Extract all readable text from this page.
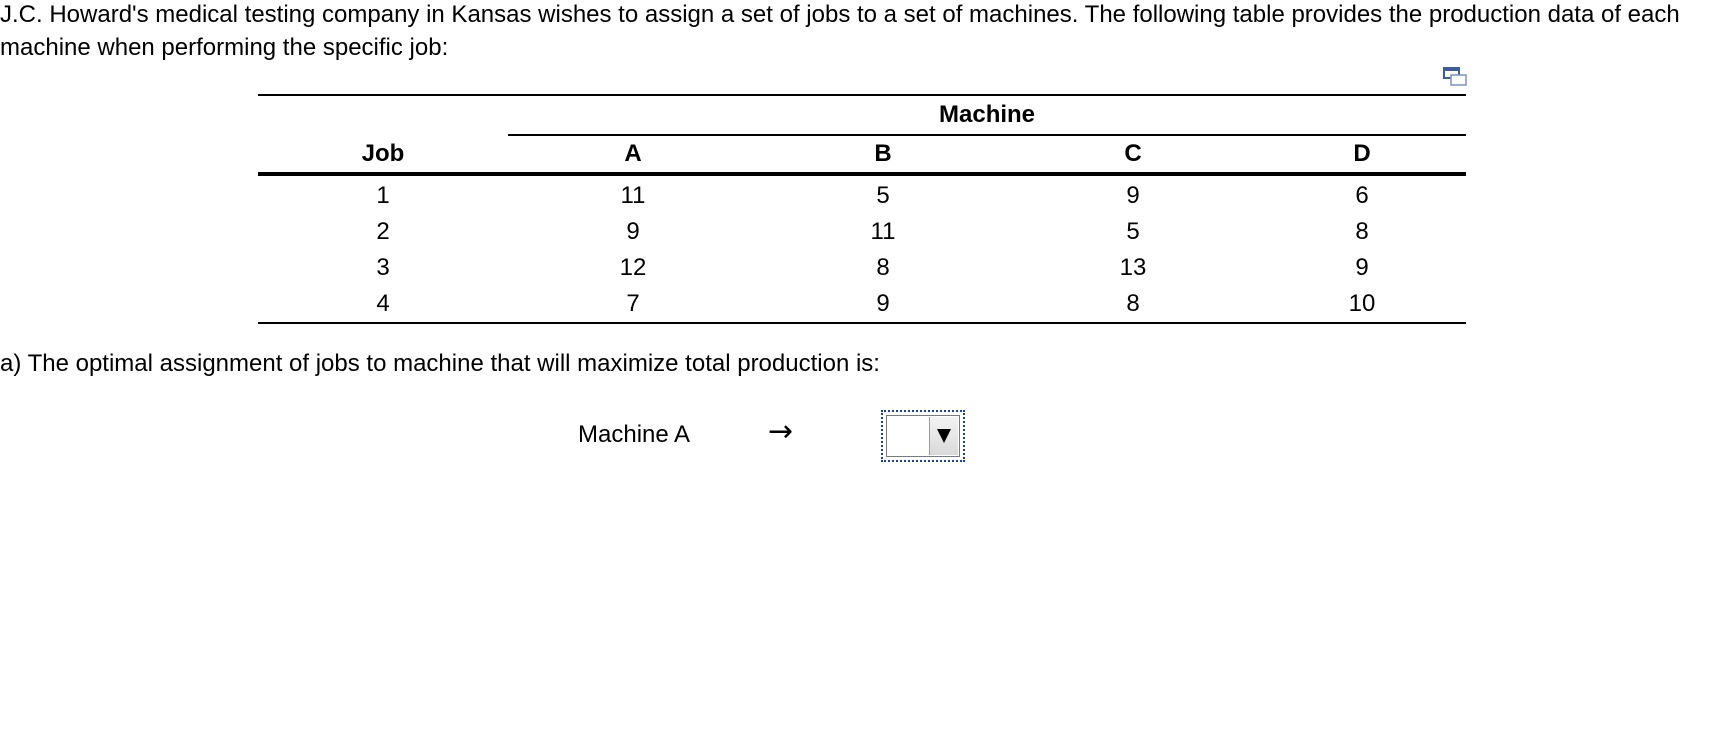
J.C. Howard's medical testing company in Kansas wishes to assign a set of jobs to a set of machines. The following table provides the production data of each machine when performing the specific job:

	Machine			
Job	A	B	C	D
1	11	5	9	6
2	9	11	5	8
3	12	8	13	9
4	7	9	8	10

a) The optimal assignment of jobs to machine that will maximize total production is:

Machine A	→
